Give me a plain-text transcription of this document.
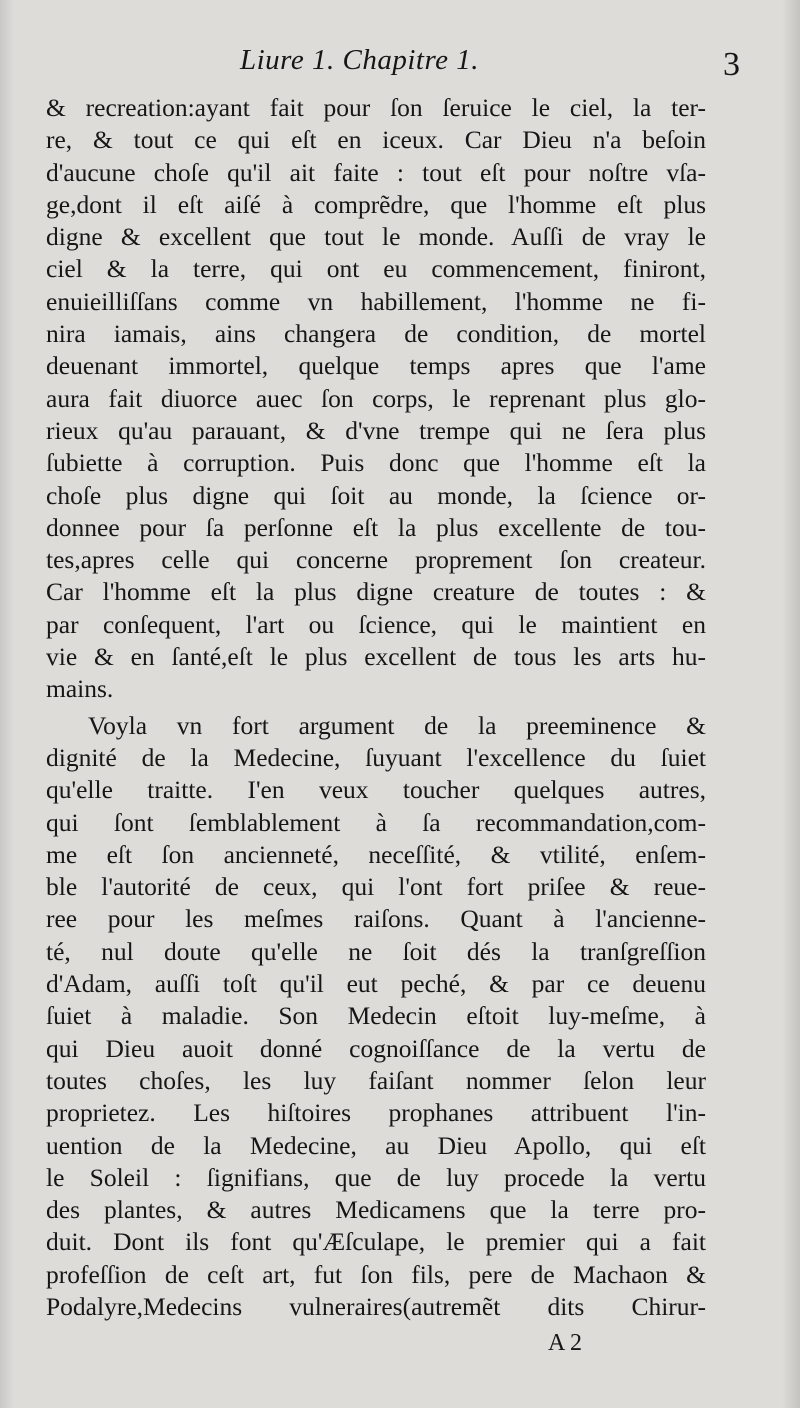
Liure 1. Chapitre 1.	3
& recreation:ayant fait pour ſon ſeruice le ciel, la ter-
re, & tout ce qui eſt en iceux. Car Dieu n'a beſoin
d'aucune choſe qu'il ait faite : tout eſt pour noſtre vſa-
ge,dont il eſt aiſé à comprẽdre, que l'homme eſt plus
digne & excellent que tout le monde. Auſſi de vray le
ciel & la terre, qui ont eu commencement, finiront,
enuieilliſſans comme vn habillement, l'homme ne fi-
nira iamais, ains changera de condition, de mortel
deuenant immortel, quelque temps apres que l'ame
aura fait diuorce auec ſon corps, le reprenant plus glo-
rieux qu'au parauant, & d'vne trempe qui ne ſera plus
ſubiette à corruption. Puis donc que l'homme eſt la
choſe plus digne qui ſoit au monde, la ſcience or-
donnee pour ſa perſonne eſt la plus excellente de tou-
tes,apres celle qui concerne proprement ſon createur.
Car l'homme eſt la plus digne creature de toutes : &
par conſequent, l'art ou ſcience, qui le maintient en
vie & en ſanté,eſt le plus excellent de tous les arts hu-
mains.
Voyla vn fort argument de la preeminence &
dignité de la Medecine, ſuyuant l'excellence du ſuiet
qu'elle traitte. I'en veux toucher quelques autres,
qui ſont ſemblablement à ſa recommandation,com-
me eſt ſon ancienneté, neceſſité, & vtilité, enſem-
ble l'autorité de ceux, qui l'ont fort priſee & reue-
ree pour les meſmes raiſons. Quant à l'ancienne-
té, nul doute qu'elle ne ſoit dés la tranſgreſſion
d'Adam, auſſi toſt qu'il eut peché, & par ce deuenu
ſuiet à maladie. Son Medecin eſtoit luy-meſme, à
qui Dieu auoit donné cognoiſſance de la vertu de
toutes choſes, les luy faiſant nommer ſelon leur
proprietez. Les hiſtoires prophanes attribuent l'in-
uention de la Medecine, au Dieu Apollo, qui eſt
le Soleil : ſignifians, que de luy procede la vertu
des plantes, & autres Medicamens que la terre pro-
duit. Dont ils font qu'Æſculape, le premier qui a fait
profeſſion de ceſt art, fut ſon fils, pere de Machaon &
Podalyre,Medecins vulneraires(autremẽt dits Chirur-
A 2
